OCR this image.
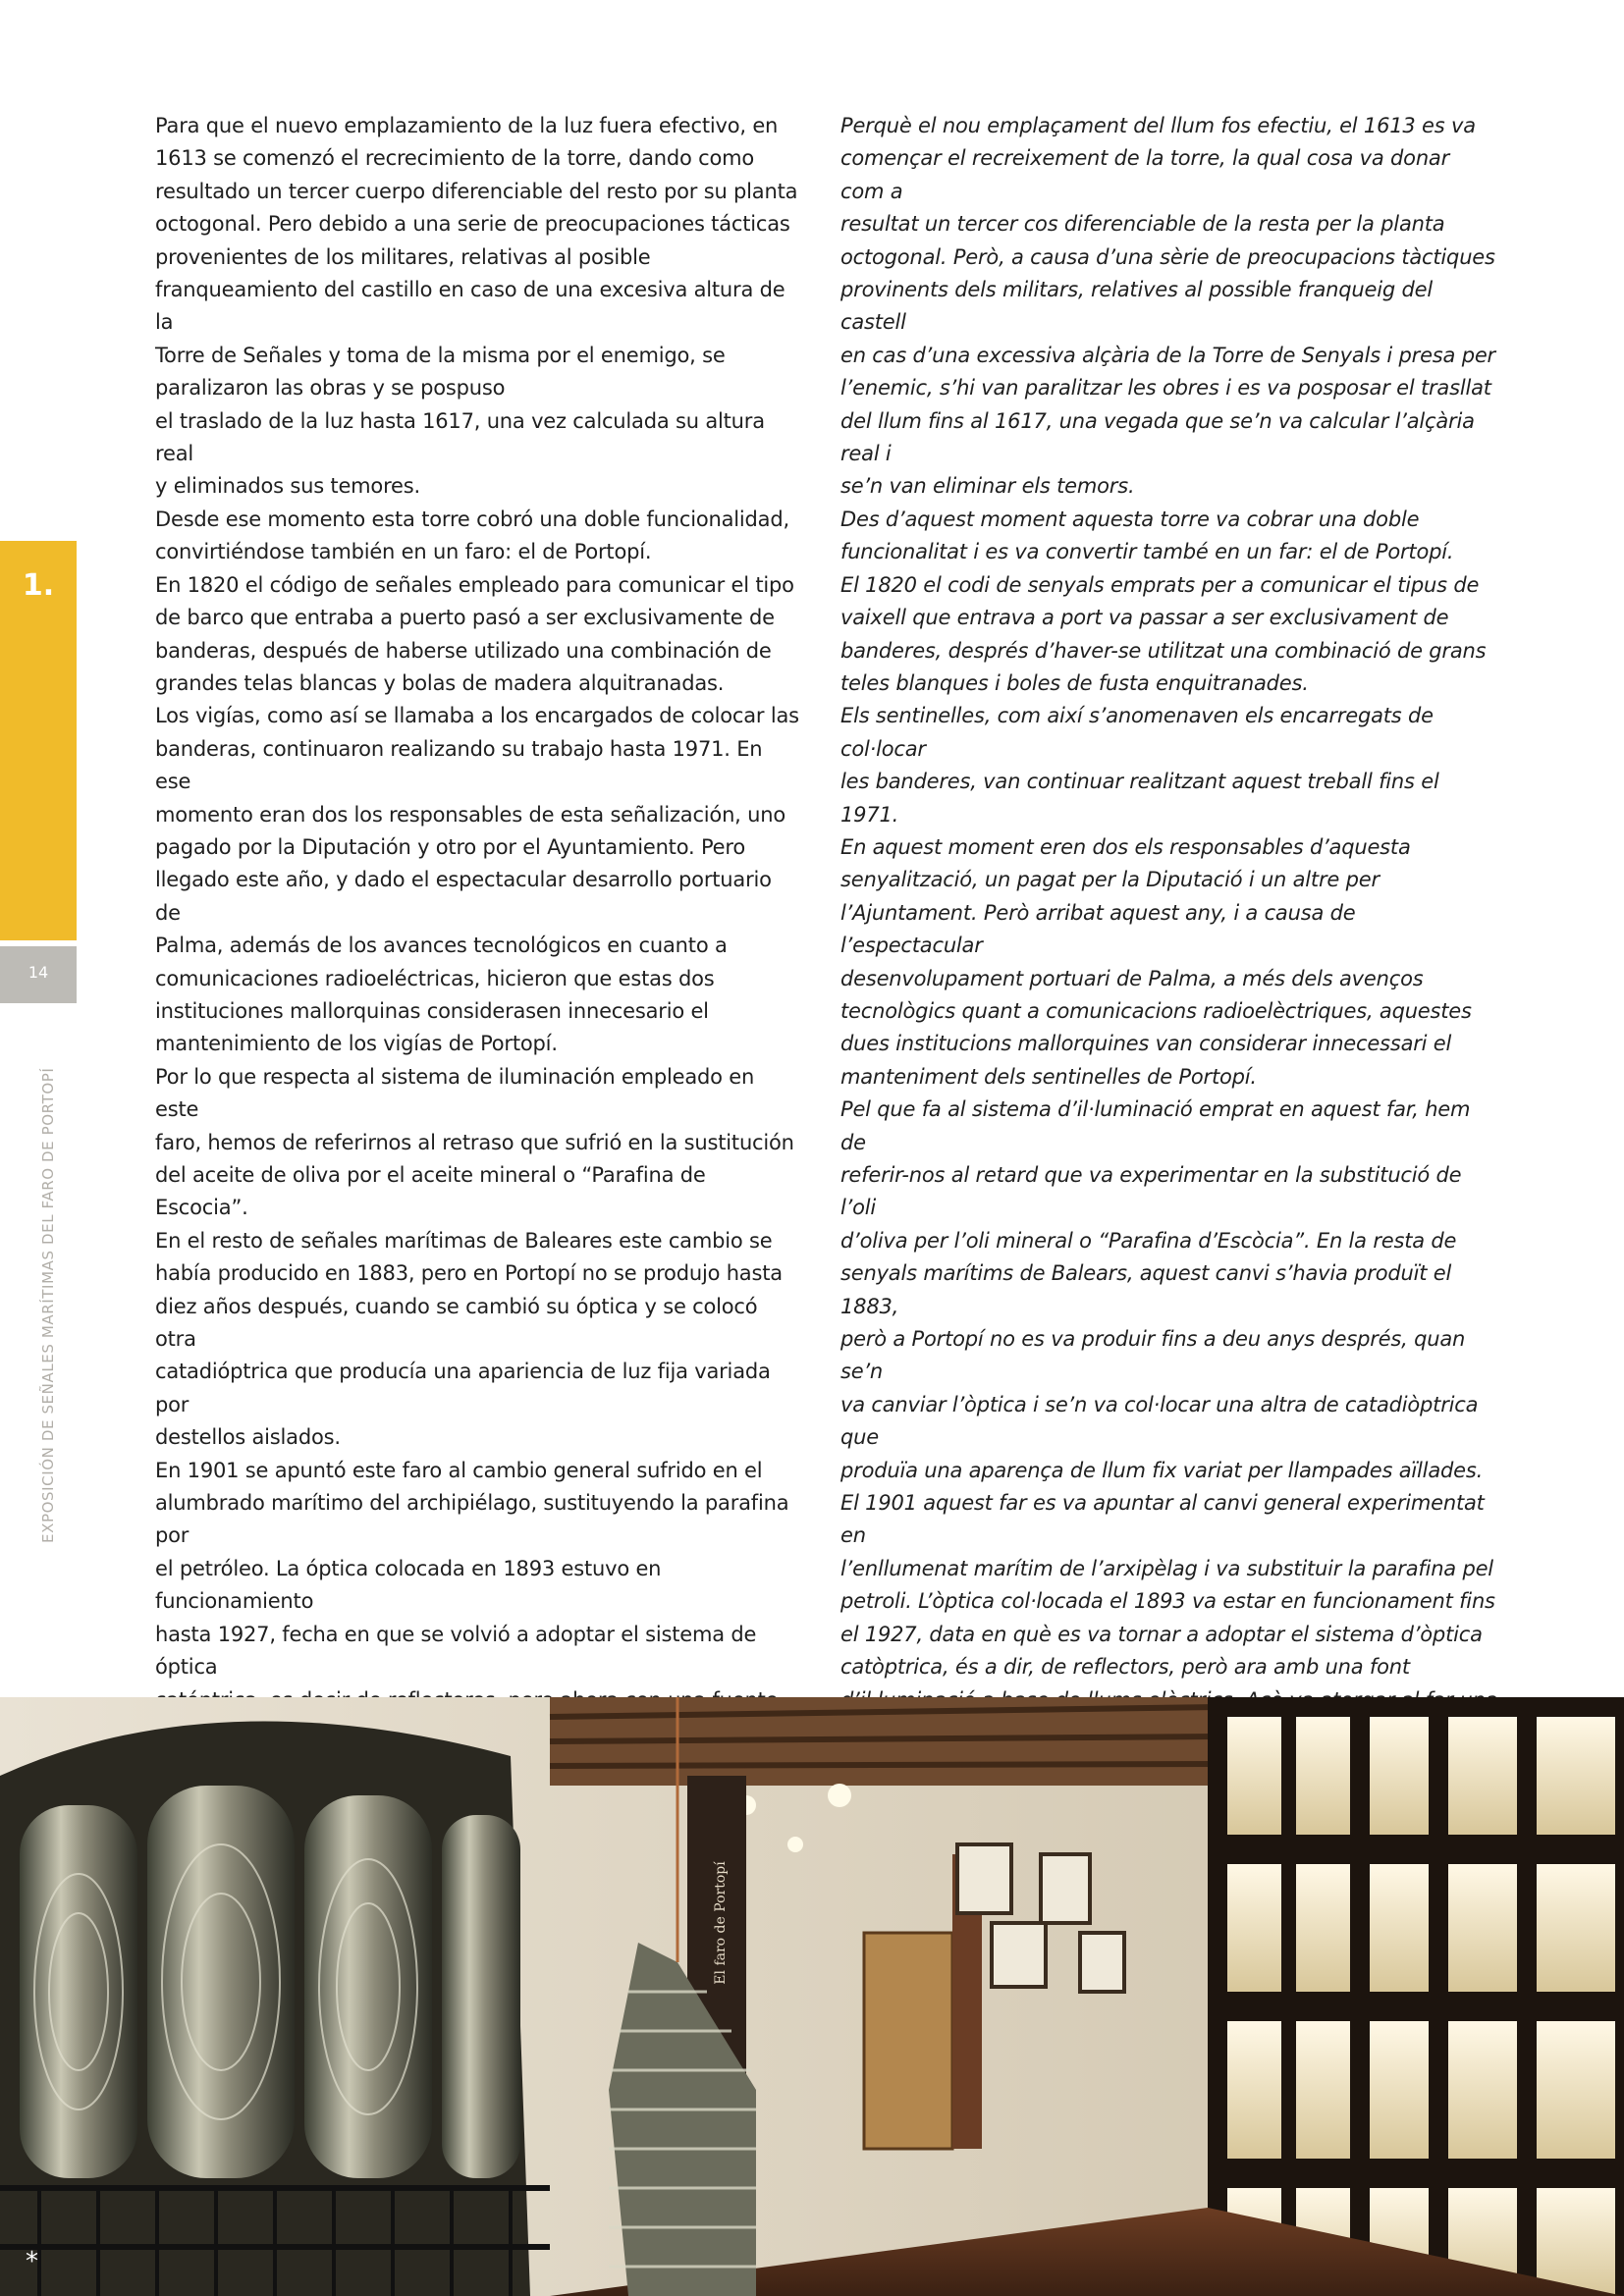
Para que el nuevo emplazamiento de la luz fuera efectivo, en

1613 se comenzó el recrecimiento de la torre, dando como

resultado un tercer cuerpo diferenciable del resto por su planta

octogonal. Pero debido a una serie de preocupaciones tácticas

provenientes de los militares, relativas al posible

franqueamiento del castillo en caso de una excesiva altura de la

Torre de Señales y toma de la misma por el enemigo, se

paralizaron las obras y se pospuso

el traslado de la luz hasta 1617, una vez calculada su altura real

y eliminados sus temores.

Desde ese momento esta torre cobró una doble funcionalidad,

convirtiéndose también en un faro: el de Portopí.

En 1820 el código de señales empleado para comunicar el tipo

de barco que entraba a puerto pasó a ser exclusivamente de

banderas, después de haberse utilizado una combinación de

grandes telas blancas y bolas de madera alquitranadas.

Los vigías, como así se llamaba a los encargados de colocar las

banderas, continuaron realizando su trabajo hasta 1971. En ese

momento eran dos los responsables de esta señalización, uno

pagado por la Diputación y otro por el Ayuntamiento. Pero

llegado este año, y dado el espectacular desarrollo portuario de

Palma, además de los avances tecnológicos en cuanto a

comunicaciones radioeléctricas, hicieron que estas dos

instituciones mallorquinas considerasen innecesario el

mantenimiento de los vigías de Portopí.

Por lo que respecta al sistema de iluminación empleado en este

faro, hemos de referirnos al retraso que sufrió en la sustitución

del aceite de oliva por el aceite mineral o “Parafina de Escocia”.

En el resto de señales marítimas de Baleares este cambio se

había producido en 1883, pero en Portopí no se produjo hasta

diez años después, cuando se cambió su óptica y se colocó otra

catadióptrica que producía una apariencia de luz fija variada por

destellos aislados.

En 1901 se apuntó este faro al cambio general sufrido en el

alumbrado marítimo del archipiélago, sustituyendo la parafina por

el petróleo. La óptica colocada en 1893 estuvo en funcionamiento

hasta 1927, fecha en que se volvió a adoptar el sistema de óptica

Perquè el nou emplaçament del llum fos efectiu, el 1613 es va

començar el recreixement de la torre, la qual cosa va donar com a

resultat un tercer cos diferenciable de la resta per la planta

octogonal. Però, a causa d’una sèrie de preocupacions tàctiques

provinents dels militars, relatives al possible franqueig del castell

en cas d’una excessiva alçària de la Torre de Senyals i presa per

l’enemic, s’hi van paralitzar les obres i es va posposar el trasllat

del llum fins al 1617, una vegada que se’n va calcular l’alçària real i

se’n van eliminar els temors.

Des d’aquest moment aquesta torre va cobrar una doble

funcionalitat i es va convertir també en un far: el de Portopí.

El 1820 el codi de senyals emprats per a comunicar el tipus de

vaixell que entrava a port va passar a ser exclusivament de

banderes, després d’haver-se utilitzat una combinació de grans

teles blanques i boles de fusta enquitranades.

Els sentinelles, com així s’anomenaven els encarregats de col·locar

les banderes, van continuar realitzant aquest treball fins el 1971.

En aquest moment eren dos els responsables d’aquesta

senyalització, un pagat per la Diputació i un altre per

l’Ajuntament. Però arribat aquest any, i a causa de l’espectacular

desenvolupament portuari de Palma, a més dels avenços

tecnològics quant a comunicacions radioelèctriques, aquestes

dues institucions mallorquines van considerar innecessari el

manteniment dels sentinelles de Portopí.

Pel que fa al sistema d’il·luminació emprat en aquest far, hem de

referir-nos al retard que va experimentar en la substitució de l’oli

d’oliva per l’oli mineral o “Parafina d’Escòcia”. En la resta de

senyals marítims de Balears, aquest canvi s’havia produït el 1883,

però a Portopí no es va produir fins a deu anys després, quan se’n

va canviar l’òptica i se’n va col·locar una altra de catadiòptrica que

produïa una aparença de llum fix variat per llampades aïllades.

El 1901 aquest far es va apuntar al canvi general experimentat en

l’enllumenat marítim de l’arxipèlag i va substituir la parafina pel

petroli. L’òptica col·locada el 1893 va estar en funcionament fins

el 1927, data en què es va tornar a adoptar el sistema d’òptica

catòptrica, és a dir, de reflectors, però ara amb una font

1.
14
EXPOSICIÓN DE SEÑALES MARÍTIMAS DEL FARO DE PORTOPÍ
El faro de Portopí
*
